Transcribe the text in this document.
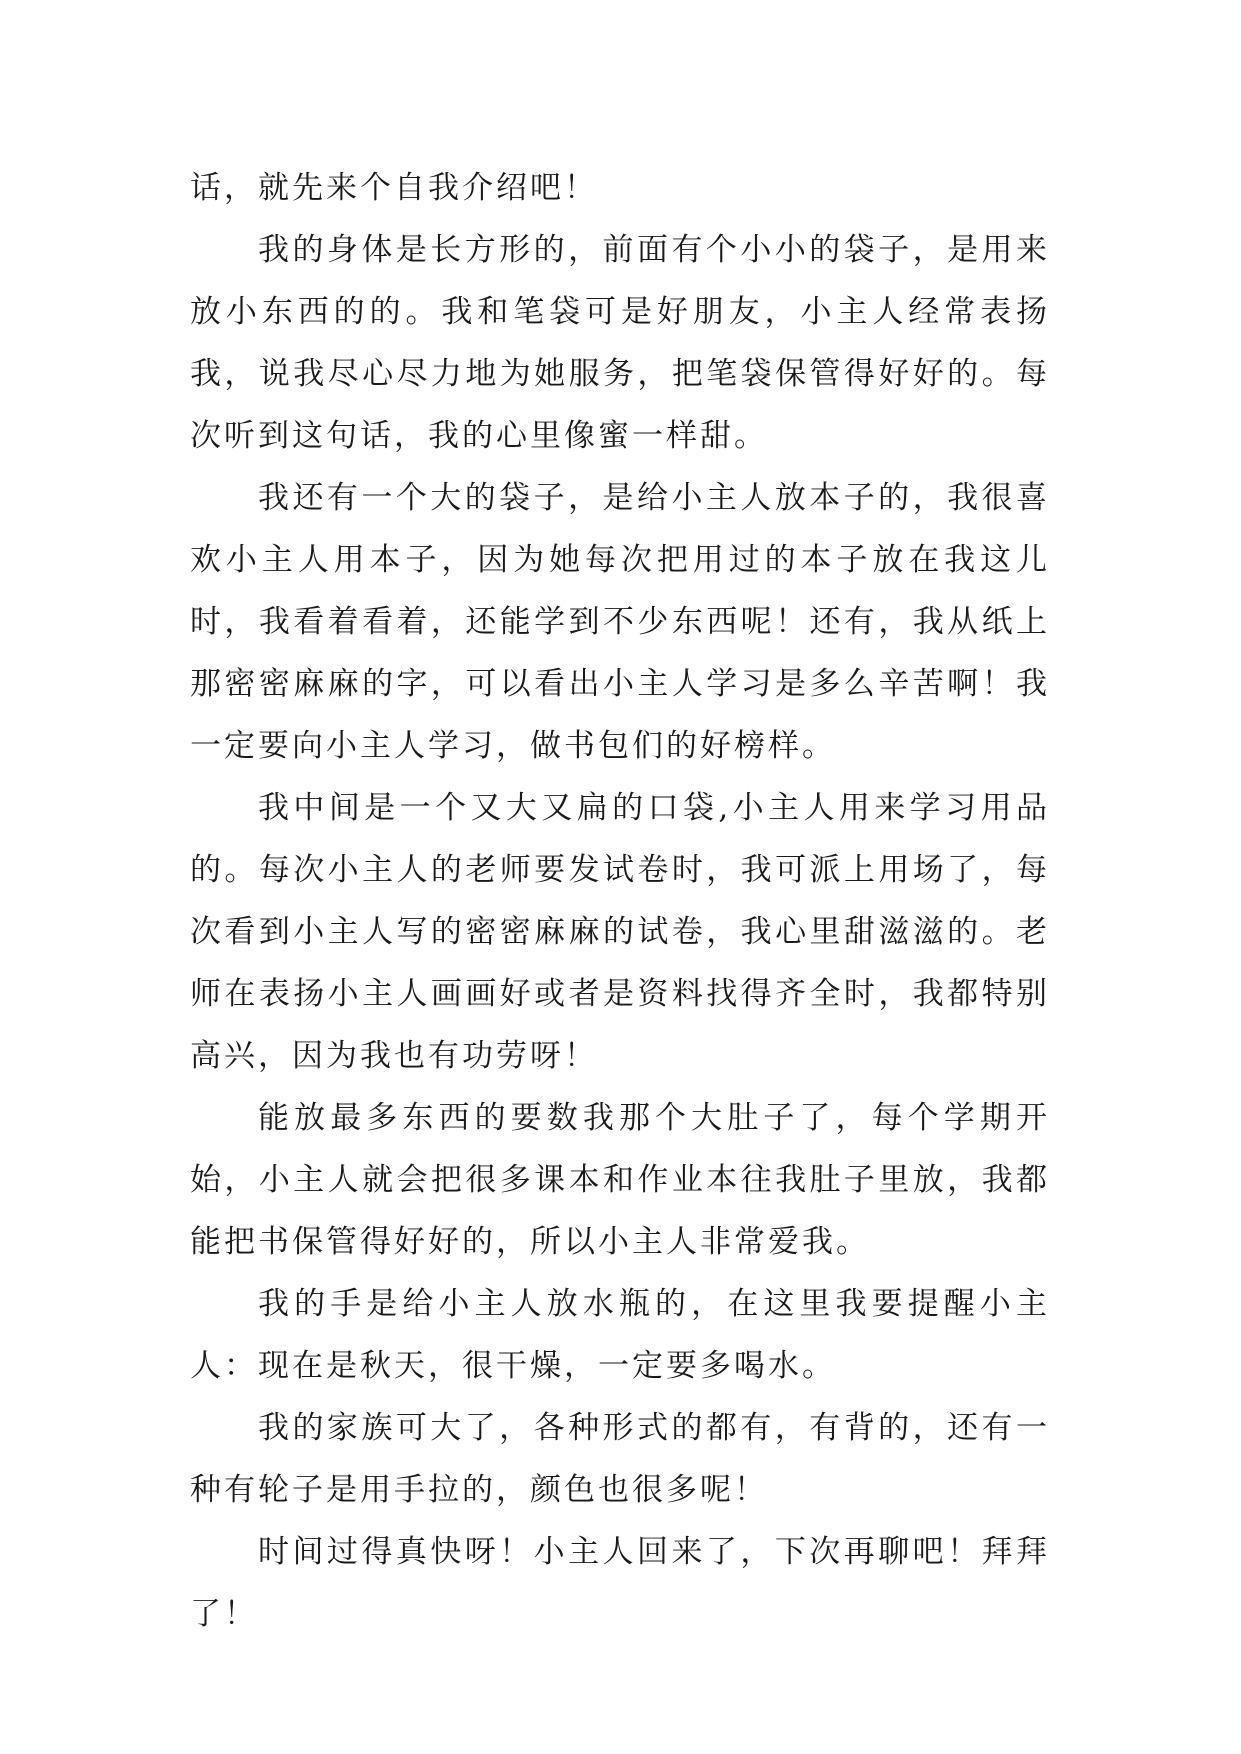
话，就先来个自我介绍吧！

我的身体是长方形的，前面有个小小的袋子，是用来放小东西的的。我和笔袋可是好朋友，小主人经常表扬我，说我尽心尽力地为她服务，把笔袋保管得好好的。每次听到这句话，我的心里像蜜一样甜。

我还有一个大的袋子，是给小主人放本子的，我很喜欢小主人用本子，因为她每次把用过的本子放在我这儿时，我看着看着，还能学到不少东西呢！还有，我从纸上那密密麻麻的字，可以看出小主人学习是多么辛苦啊！我一定要向小主人学习，做书包们的好榜样。

我中间是一个又大又扁的口袋,小主人用来学习用品的。每次小主人的老师要发试卷时，我可派上用场了，每次看到小主人写的密密麻麻的试卷，我心里甜滋滋的。老师在表扬小主人画画好或者是资料找得齐全时，我都特别高兴，因为我也有功劳呀！

能放最多东西的要数我那个大肚子了，每个学期开始，小主人就会把很多课本和作业本往我肚子里放，我都能把书保管得好好的，所以小主人非常爱我。

我的手是给小主人放水瓶的，在这里我要提醒小主人：现在是秋天，很干燥，一定要多喝水。

我的家族可大了，各种形式的都有，有背的，还有一种有轮子是用手拉的，颜色也很多呢！

时间过得真快呀！小主人回来了，下次再聊吧！拜拜了！
